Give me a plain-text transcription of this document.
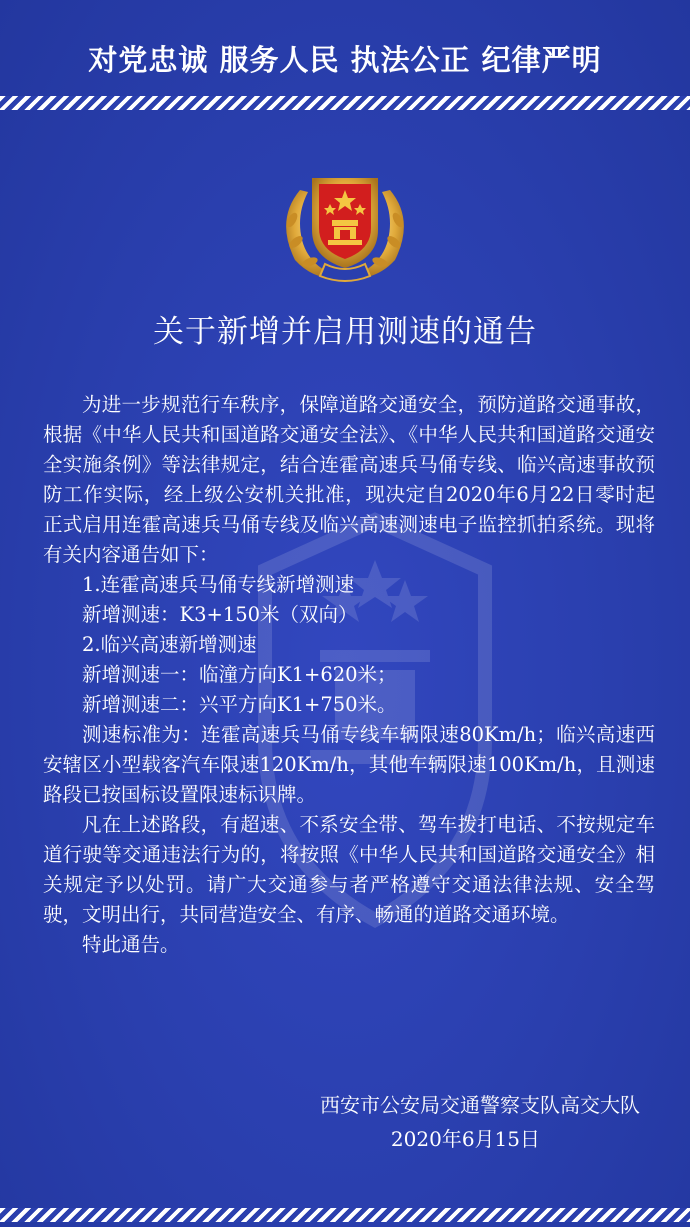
对党忠诚 服务人民 执法公正 纪律严明
关于新增并启用测速的通告

为进一步规范行车秩序，保障道路交通安全，预防道路交通事故，根据《中华人民共和国道路交通安全法》、《中华人民共和国道路交通安全实施条例》等法律规定，结合连霍高速兵马俑专线、临兴高速事故预防工作实际，经上级公安机关批准，现决定自2020年6月22日零时起正式启用连霍高速兵马俑专线及临兴高速测速电子监控抓拍系统。现将有关内容通告如下：

1.连霍高速兵马俑专线新增测速

新增测速：K3+150米（双向）

2.临兴高速新增测速

新增测速一：临潼方向K1+620米；

新增测速二：兴平方向K1+750米。

测速标准为：连霍高速兵马俑专线车辆限速80Km/h；临兴高速西安辖区小型载客汽车限速120Km/h，其他车辆限速100Km/h，且测速路段已按国标设置限速标识牌。

凡在上述路段，有超速、不系安全带、驾车拨打电话、不按规定车道行驶等交通违法行为的，将按照《中华人民共和国道路交通安全》相关规定予以处罚。请广大交通参与者严格遵守交通法律法规、安全驾驶，文明出行，共同营造安全、有序、畅通的道路交通环境。

特此通告。

西安市公安局交通警察支队高交大队
2020年6月15日
